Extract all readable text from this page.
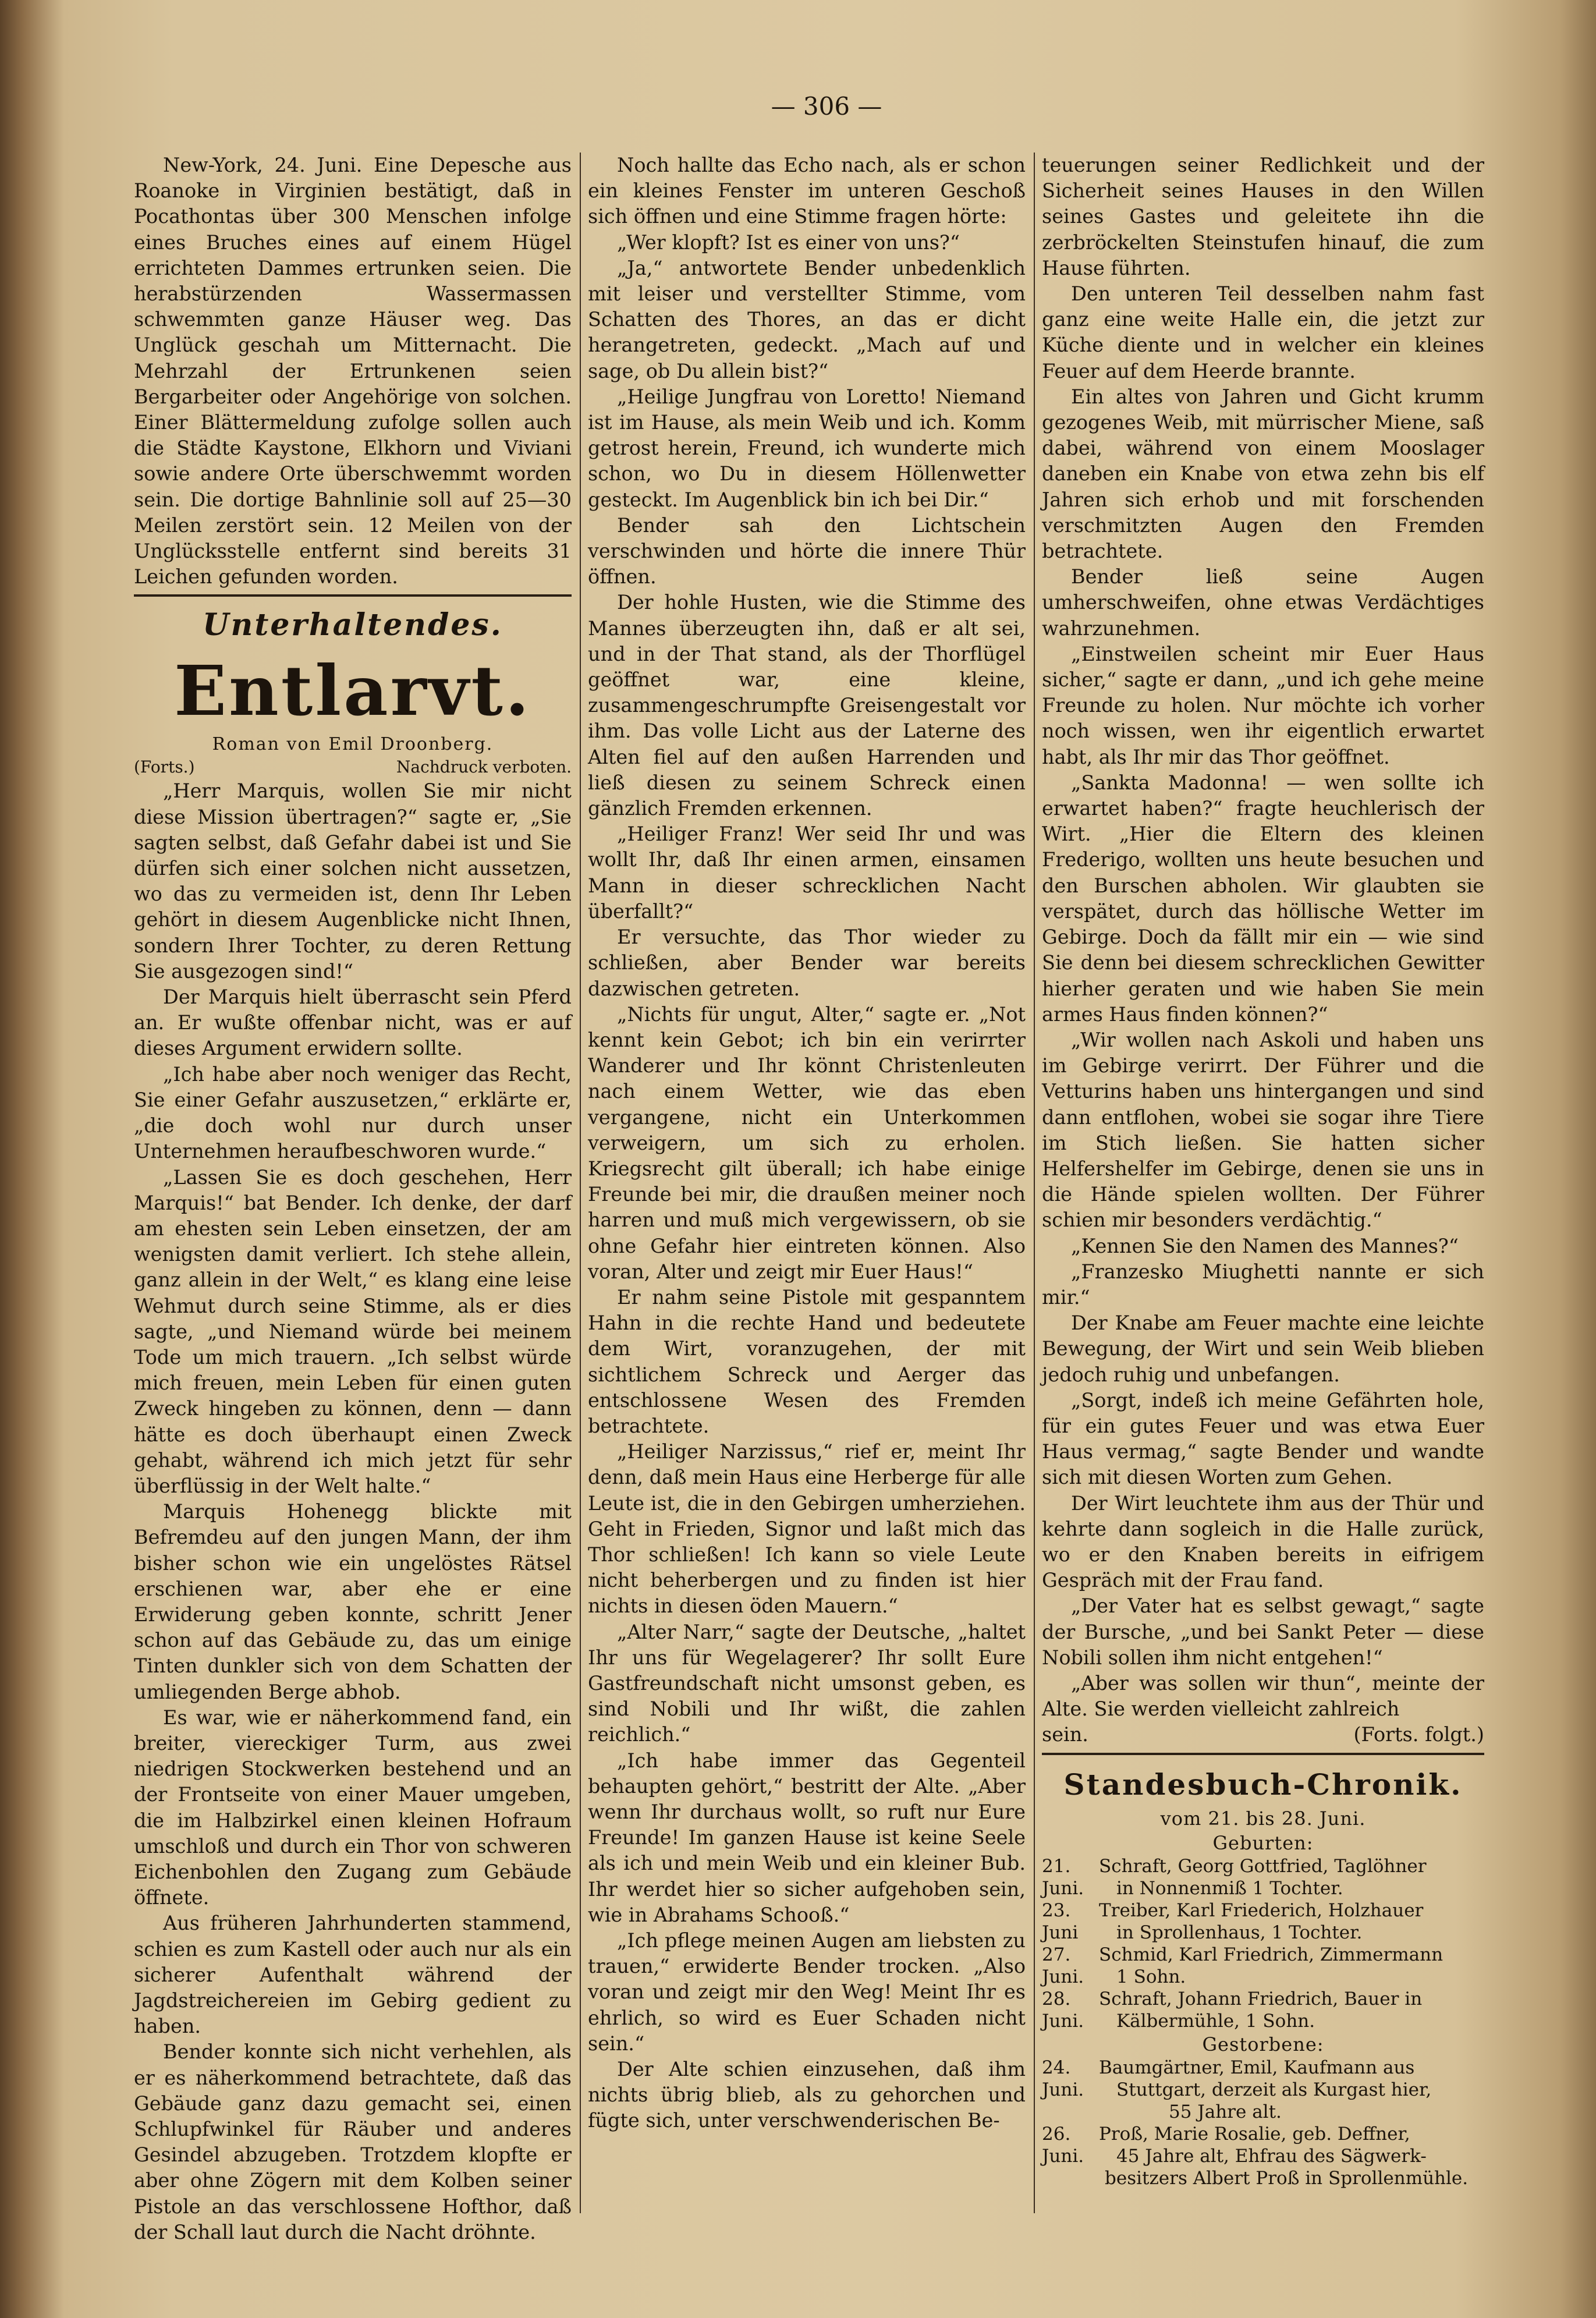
— 306 —

New-York, 24. Juni. Eine Depesche aus Roanoke in Virginien bestätigt, daß in Pocathontas über 300 Menschen infolge eines Bruches eines auf einem Hügel errichteten Dammes ertrunken seien. Die herabstürzenden Wassermassen schwemmten ganze Häuser weg. Das Unglück geschah um Mitternacht. Die Mehrzahl der Ertrunkenen seien Bergarbeiter oder Angehörige von solchen. Einer Blättermeldung zufolge sollen auch die Städte Kaystone, Elkhorn und Viviani sowie andere Orte überschwemmt worden sein. Die dortige Bahnlinie soll auf 25—30 Meilen zerstört sein. 12 Meilen von der Unglücksstelle entfernt sind bereits 31 Leichen gefunden worden.

Unterhaltendes.
Entlarvt.
Roman von Emil Droonberg.
(Forts.)	Nachdruck verboten.

„Herr Marquis, wollen Sie mir nicht diese Mission übertragen?“ sagte er, „Sie sagten selbst, daß Gefahr dabei ist und Sie dürfen sich einer solchen nicht aussetzen, wo das zu vermeiden ist, denn Ihr Leben gehört in diesem Augenblicke nicht Ihnen, sondern Ihrer Tochter, zu deren Rettung Sie ausgezogen sind!“

Der Marquis hielt überrascht sein Pferd an. Er wußte offenbar nicht, was er auf dieses Argument erwidern sollte.

„Ich habe aber noch weniger das Recht, Sie einer Gefahr auszusetzen,“ erklärte er, „die doch wohl nur durch unser Unternehmen heraufbeschworen wurde.“

„Lassen Sie es doch geschehen, Herr Marquis!“ bat Bender. Ich denke, der darf am ehesten sein Leben einsetzen, der am wenigsten damit verliert. Ich stehe allein, ganz allein in der Welt,“ es klang eine leise Wehmut durch seine Stimme, als er dies sagte, „und Niemand würde bei meinem Tode um mich trauern. „Ich selbst würde mich freuen, mein Leben für einen guten Zweck hingeben zu können, denn — dann hätte es doch überhaupt einen Zweck gehabt, während ich mich jetzt für sehr überflüssig in der Welt halte.“

Marquis Hohenegg blickte mit Befremdeu auf den jungen Mann, der ihm bisher schon wie ein ungelöstes Rätsel erschienen war, aber ehe er eine Erwiderung geben konnte, schritt Jener schon auf das Gebäude zu, das um einige Tinten dunkler sich von dem Schatten der umliegenden Berge abhob.

Es war, wie er näherkommend fand, ein breiter, viereckiger Turm, aus zwei niedrigen Stockwerken bestehend und an der Frontseite von einer Mauer umgeben, die im Halbzirkel einen kleinen Hofraum umschloß und durch ein Thor von schweren Eichenbohlen den Zugang zum Gebäude öffnete.

Aus früheren Jahrhunderten stammend, schien es zum Kastell oder auch nur als ein sicherer Aufenthalt während der Jagdstreichereien im Gebirg gedient zu haben.

Bender konnte sich nicht verhehlen, als er es näherkommend betrachtete, daß das Gebäude ganz dazu gemacht sei, einen Schlupfwinkel für Räuber und anderes Gesindel abzugeben. Trotzdem klopfte er aber ohne Zögern mit dem Kolben seiner Pistole an das verschlossene Hofthor, daß der Schall laut durch die Nacht dröhnte.

Noch hallte das Echo nach, als er schon ein kleines Fenster im unteren Geschoß sich öffnen und eine Stimme fragen hörte:

„Wer klopft? Ist es einer von uns?“

„Ja,“ antwortete Bender unbedenklich mit leiser und verstellter Stimme, vom Schatten des Thores, an das er dicht herangetreten, gedeckt. „Mach auf und sage, ob Du allein bist?“

„Heilige Jungfrau von Loretto! Niemand ist im Hause, als mein Weib und ich. Komm getrost herein, Freund, ich wunderte mich schon, wo Du in diesem Höllenwetter gesteckt. Im Augenblick bin ich bei Dir.“

Bender sah den Lichtschein verschwinden und hörte die innere Thür öffnen.

Der hohle Husten, wie die Stimme des Mannes überzeugten ihn, daß er alt sei, und in der That stand, als der Thorflügel geöffnet war, eine kleine, zusammengeschrumpfte Greisengestalt vor ihm. Das volle Licht aus der Laterne des Alten fiel auf den außen Harrenden und ließ diesen zu seinem Schreck einen gänzlich Fremden erkennen.

„Heiliger Franz! Wer seid Ihr und was wollt Ihr, daß Ihr einen armen, einsamen Mann in dieser schrecklichen Nacht überfallt?“

Er versuchte, das Thor wieder zu schließen, aber Bender war bereits dazwischen getreten.

„Nichts für ungut, Alter,“ sagte er. „Not kennt kein Gebot; ich bin ein verirrter Wanderer und Ihr könnt Christenleuten nach einem Wetter, wie das eben vergangene, nicht ein Unterkommen verweigern, um sich zu erholen. Kriegsrecht gilt überall; ich habe einige Freunde bei mir, die draußen meiner noch harren und muß mich vergewissern, ob sie ohne Gefahr hier eintreten können. Also voran, Alter und zeigt mir Euer Haus!“

Er nahm seine Pistole mit gespanntem Hahn in die rechte Hand und bedeutete dem Wirt, voranzugehen, der mit sichtlichem Schreck und Aerger das entschlossene Wesen des Fremden betrachtete.

„Heiliger Narzissus,“ rief er, meint Ihr denn, daß mein Haus eine Herberge für alle Leute ist, die in den Gebirgen umherziehen. Geht in Frieden, Signor und laßt mich das Thor schließen! Ich kann so viele Leute nicht beherbergen und zu finden ist hier nichts in diesen öden Mauern.“

„Alter Narr,“ sagte der Deutsche, „haltet Ihr uns für Wegelagerer? Ihr sollt Eure Gastfreundschaft nicht umsonst geben, es sind Nobili und Ihr wißt, die zahlen reichlich.“

„Ich habe immer das Gegenteil behaupten gehört,“ bestritt der Alte. „Aber wenn Ihr durchaus wollt, so ruft nur Eure Freunde! Im ganzen Hause ist keine Seele als ich und mein Weib und ein kleiner Bub. Ihr werdet hier so sicher aufgehoben sein, wie in Abrahams Schooß.“

„Ich pflege meinen Augen am liebsten zu trauen,“ erwiderte Bender trocken. „Also voran und zeigt mir den Weg! Meint Ihr es ehrlich, so wird es Euer Schaden nicht sein.“

Der Alte schien einzusehen, daß ihm nichts übrig blieb, als zu gehorchen und fügte sich, unter verschwenderischen Be-

teuerungen seiner Redlichkeit und der Sicherheit seines Hauses in den Willen seines Gastes und geleitete ihn die zerbröckelten Steinstufen hinauf, die zum Hause führten.

Den unteren Teil desselben nahm fast ganz eine weite Halle ein, die jetzt zur Küche diente und in welcher ein kleines Feuer auf dem Heerde brannte.

Ein altes von Jahren und Gicht krumm gezogenes Weib, mit mürrischer Miene, saß dabei, während von einem Mooslager daneben ein Knabe von etwa zehn bis elf Jahren sich erhob und mit forschenden verschmitzten Augen den Fremden betrachtete.

Bender ließ seine Augen umherschweifen, ohne etwas Verdächtiges wahrzunehmen.

„Einstweilen scheint mir Euer Haus sicher,“ sagte er dann, „und ich gehe meine Freunde zu holen. Nur möchte ich vorher noch wissen, wen ihr eigentlich erwartet habt, als Ihr mir das Thor geöffnet.

„Sankta Madonna! — wen sollte ich erwartet haben?“ fragte heuchlerisch der Wirt. „Hier die Eltern des kleinen Frederigo, wollten uns heute besuchen und den Burschen abholen. Wir glaubten sie verspätet, durch das höllische Wetter im Gebirge. Doch da fällt mir ein — wie sind Sie denn bei diesem schrecklichen Gewitter hierher geraten und wie haben Sie mein armes Haus finden können?“

„Wir wollen nach Askoli und haben uns im Gebirge verirrt. Der Führer und die Vetturins haben uns hintergangen und sind dann entflohen, wobei sie sogar ihre Tiere im Stich ließen. Sie hatten sicher Helfershelfer im Gebirge, denen sie uns in die Hände spielen wollten. Der Führer schien mir besonders verdächtig.“

„Kennen Sie den Namen des Mannes?“

„Franzesko Miughetti nannte er sich mir.“

Der Knabe am Feuer machte eine leichte Bewegung, der Wirt und sein Weib blieben jedoch ruhig und unbefangen.

„Sorgt, indeß ich meine Gefährten hole, für ein gutes Feuer und was etwa Euer Haus vermag,“ sagte Bender und wandte sich mit diesen Worten zum Gehen.

Der Wirt leuchtete ihm aus der Thür und kehrte dann sogleich in die Halle zurück, wo er den Knaben bereits in eifrigem Gespräch mit der Frau fand.

„Der Vater hat es selbst gewagt,“ sagte der Bursche, „und bei Sankt Peter — diese Nobili sollen ihm nicht entgehen!“

„Aber was sollen wir thun“, meinte der Alte. Sie werden vielleicht zahlreich

sein.	(Forts. folgt.)
Standesbuch-Chronik.
vom 21. bis 28. Juni.
Geburten:
21. Juni.
Schraft, Georg Gottfried, Taglöhner
in Nonnenmiß 1 Tochter.
23. Juni
Treiber, Karl Friederich, Holzhauer
in Sprollenhaus, 1 Tochter.
27. Juni.
Schmid, Karl Friedrich, Zimmermann
1 Sohn.
28. Juni.
Schraft, Johann Friedrich, Bauer in
Kälbermühle, 1 Sohn.
Gestorbene:
24. Juni.
Baumgärtner, Emil, Kaufmann aus
Stuttgart, derzeit als Kurgast hier,
55 Jahre alt.
26. Juni.
Proß, Marie Rosalie, geb. Deffner,
45 Jahre alt, Ehfrau des Sägwerk-
besitzers Albert Proß in Sprollenmühle.
